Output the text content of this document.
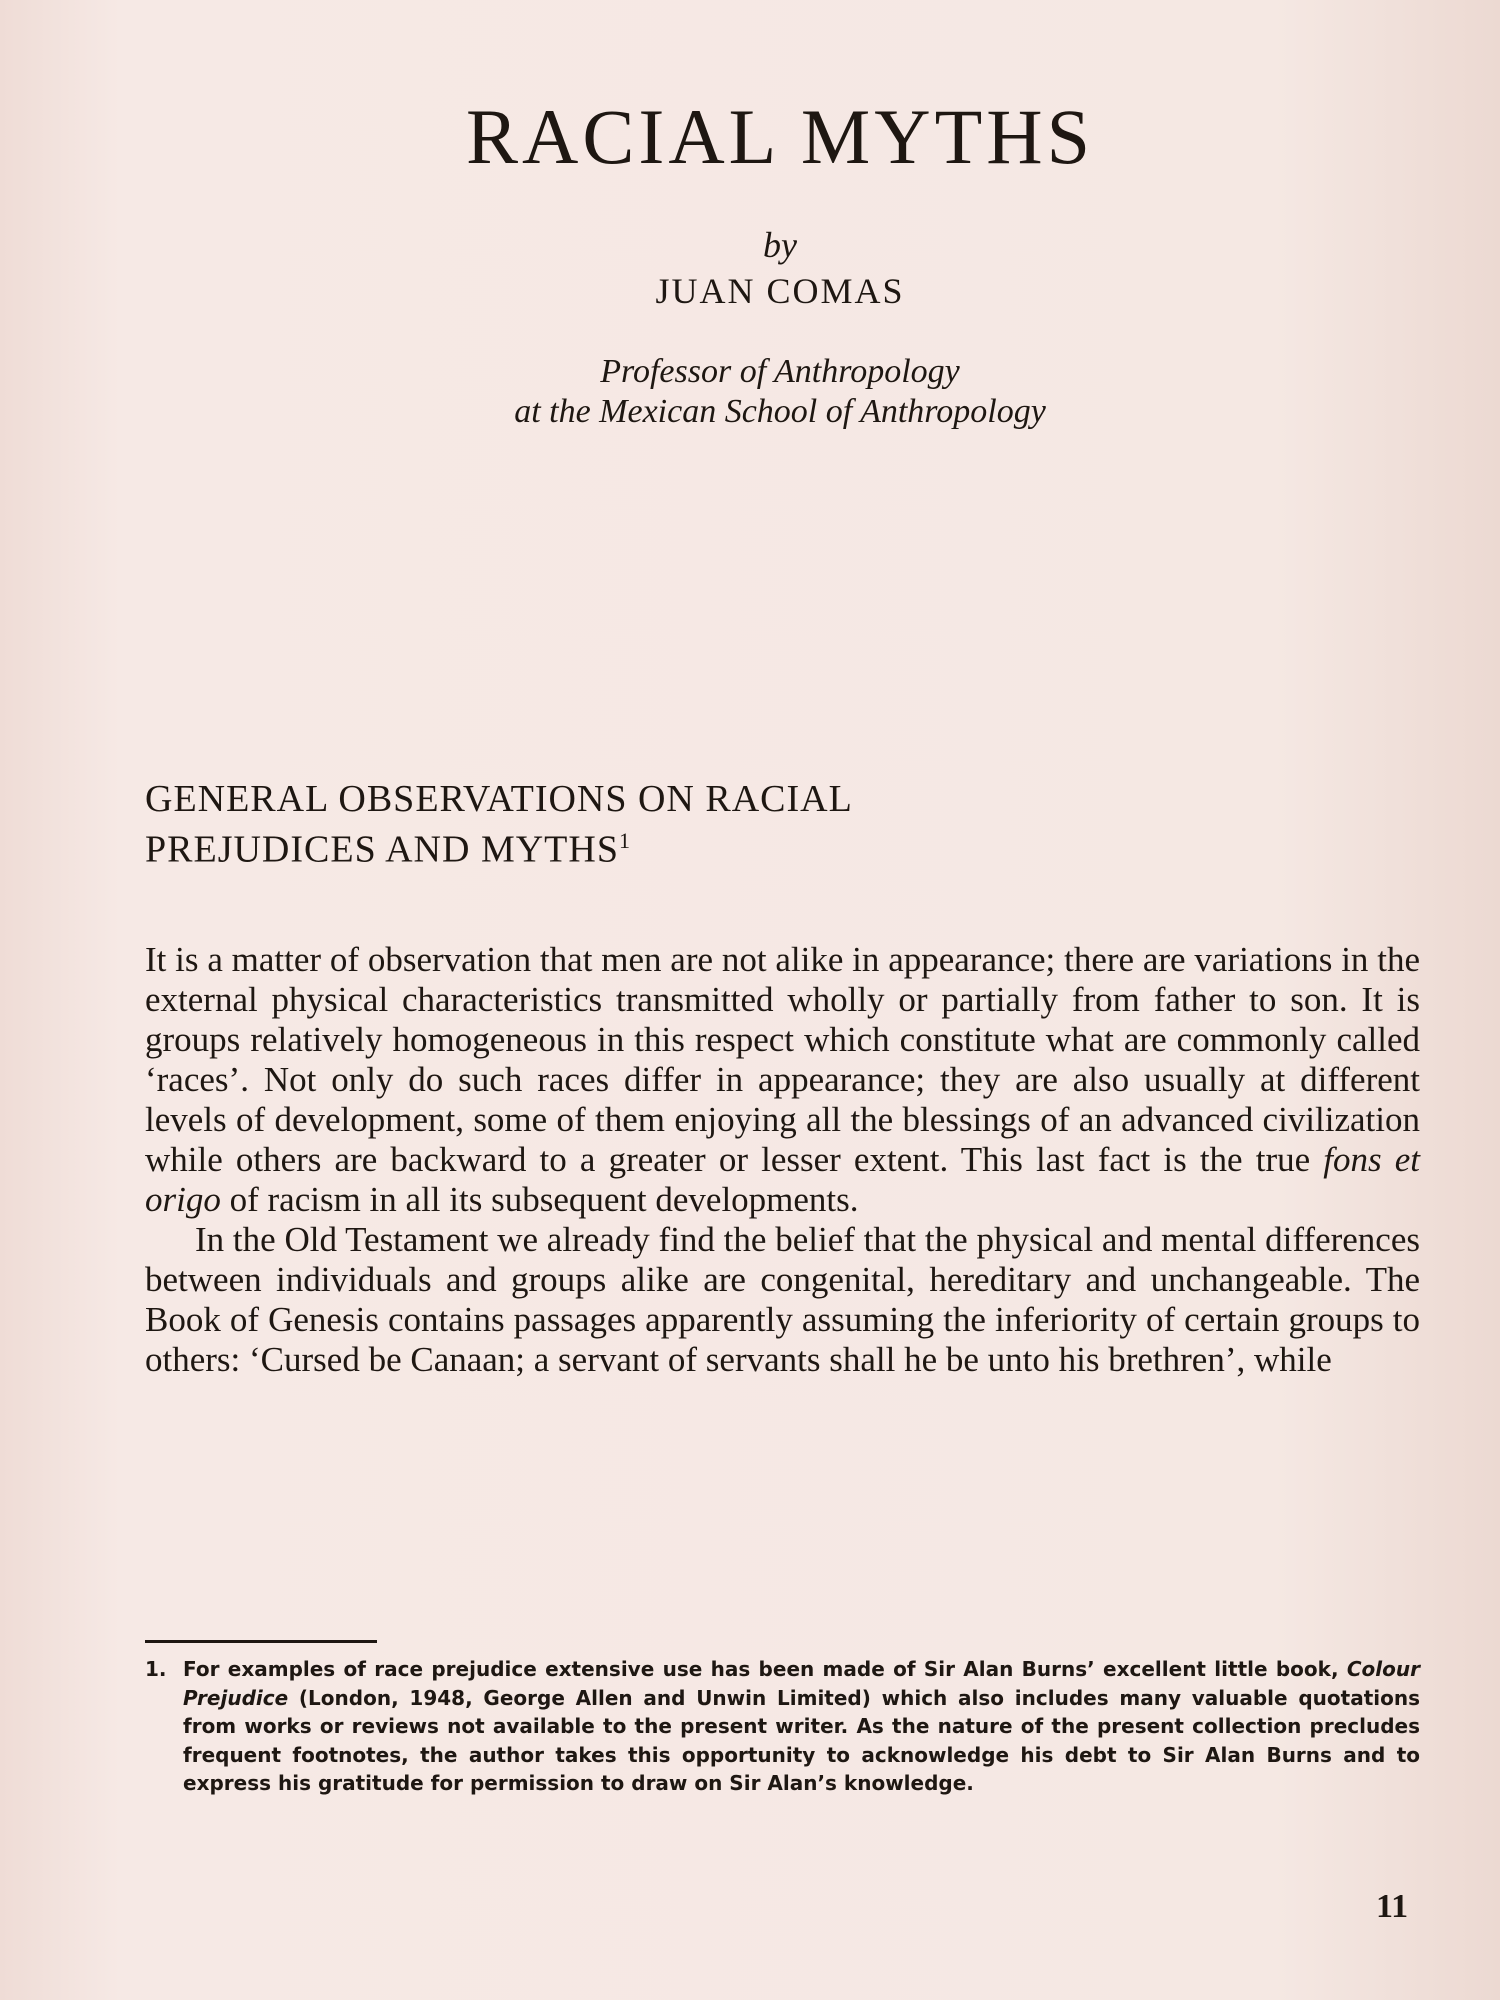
RACIAL MYTHS
by
JUAN COMAS
Professor of Anthropology
at the Mexican School of Anthropology
GENERAL OBSERVATIONS ON RACIAL
PREJUDICES AND MYTHS$^1$

It is a matter of observation that men are not alike in appearance; there are variations in the external physical characteristics transmitted wholly or partially from father to son. It is groups relatively homogeneous in this respect which constitute what are commonly called ‘races’. Not only do such races differ in appearance; they are also usually at different levels of development, some of them enjoying all the blessings of an advanced civilization while others are backward to a greater or lesser extent. This last fact is the true fons et origo of racism in all its subsequent developments.

In the Old Testament we already find the belief that the physical and mental differences between individuals and groups alike are congenital, hereditary and unchangeable. The Book of Genesis contains passages apparently assuming the inferiority of certain groups to others: ‘Cursed be Canaan; a servant of servants shall he be unto his brethren’, while

1. For examples of race prejudice extensive use has been made of Sir Alan Burns’ excellent little book, Colour Prejudice (London, 1948, George Allen and Unwin Limited) which also includes many valuable quotations from works or reviews not available to the present writer. As the nature of the present collection precludes frequent footnotes, the author takes this opportunity to acknowledge his debt to Sir Alan Burns and to express his gratitude for permission to draw on Sir Alan’s knowledge.
11
